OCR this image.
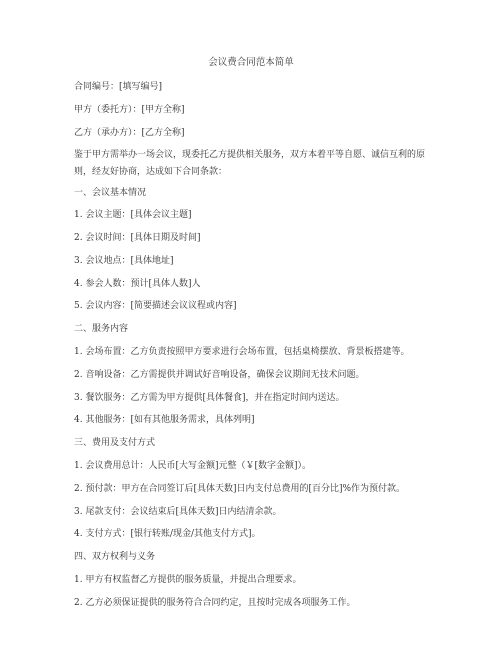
会议费合同范本简单
合同编号：[填写编号]
甲方（委托方）：[甲方全称]
乙方（承办方）：[乙方全称]
鉴于甲方需举办一场会议，现委托乙方提供相关服务，双方本着平等自愿、诚信互利的原则，经友好协商，达成如下合同条款：
一、会议基本情况
1. 会议主题：[具体会议主题]
2. 会议时间：[具体日期及时间]
3. 会议地点：[具体地址]
4. 参会人数：预计[具体人数]人
5. 会议内容：[简要描述会议议程或内容]
二、服务内容
1. 会场布置：乙方负责按照甲方要求进行会场布置，包括桌椅摆放、背景板搭建等。
2. 音响设备：乙方需提供并调试好音响设备，确保会议期间无技术问题。
3. 餐饮服务：乙方需为甲方提供[具体餐食]，并在指定时间内送达。
4. 其他服务：[如有其他服务需求，具体列明]
三、费用及支付方式
1. 会议费用总计：人民币[大写金额]元整（￥[数字金额]）。
2. 预付款：甲方在合同签订后[具体天数]日内支付总费用的[百分比]%作为预付款。
3. 尾款支付：会议结束后[具体天数]日内结清余款。
4. 支付方式：[银行转账/现金/其他支付方式]。
四、双方权利与义务
1. 甲方有权监督乙方提供的服务质量，并提出合理要求。
2. 乙方必须保证提供的服务符合合同约定，且按时完成各项服务工作。
